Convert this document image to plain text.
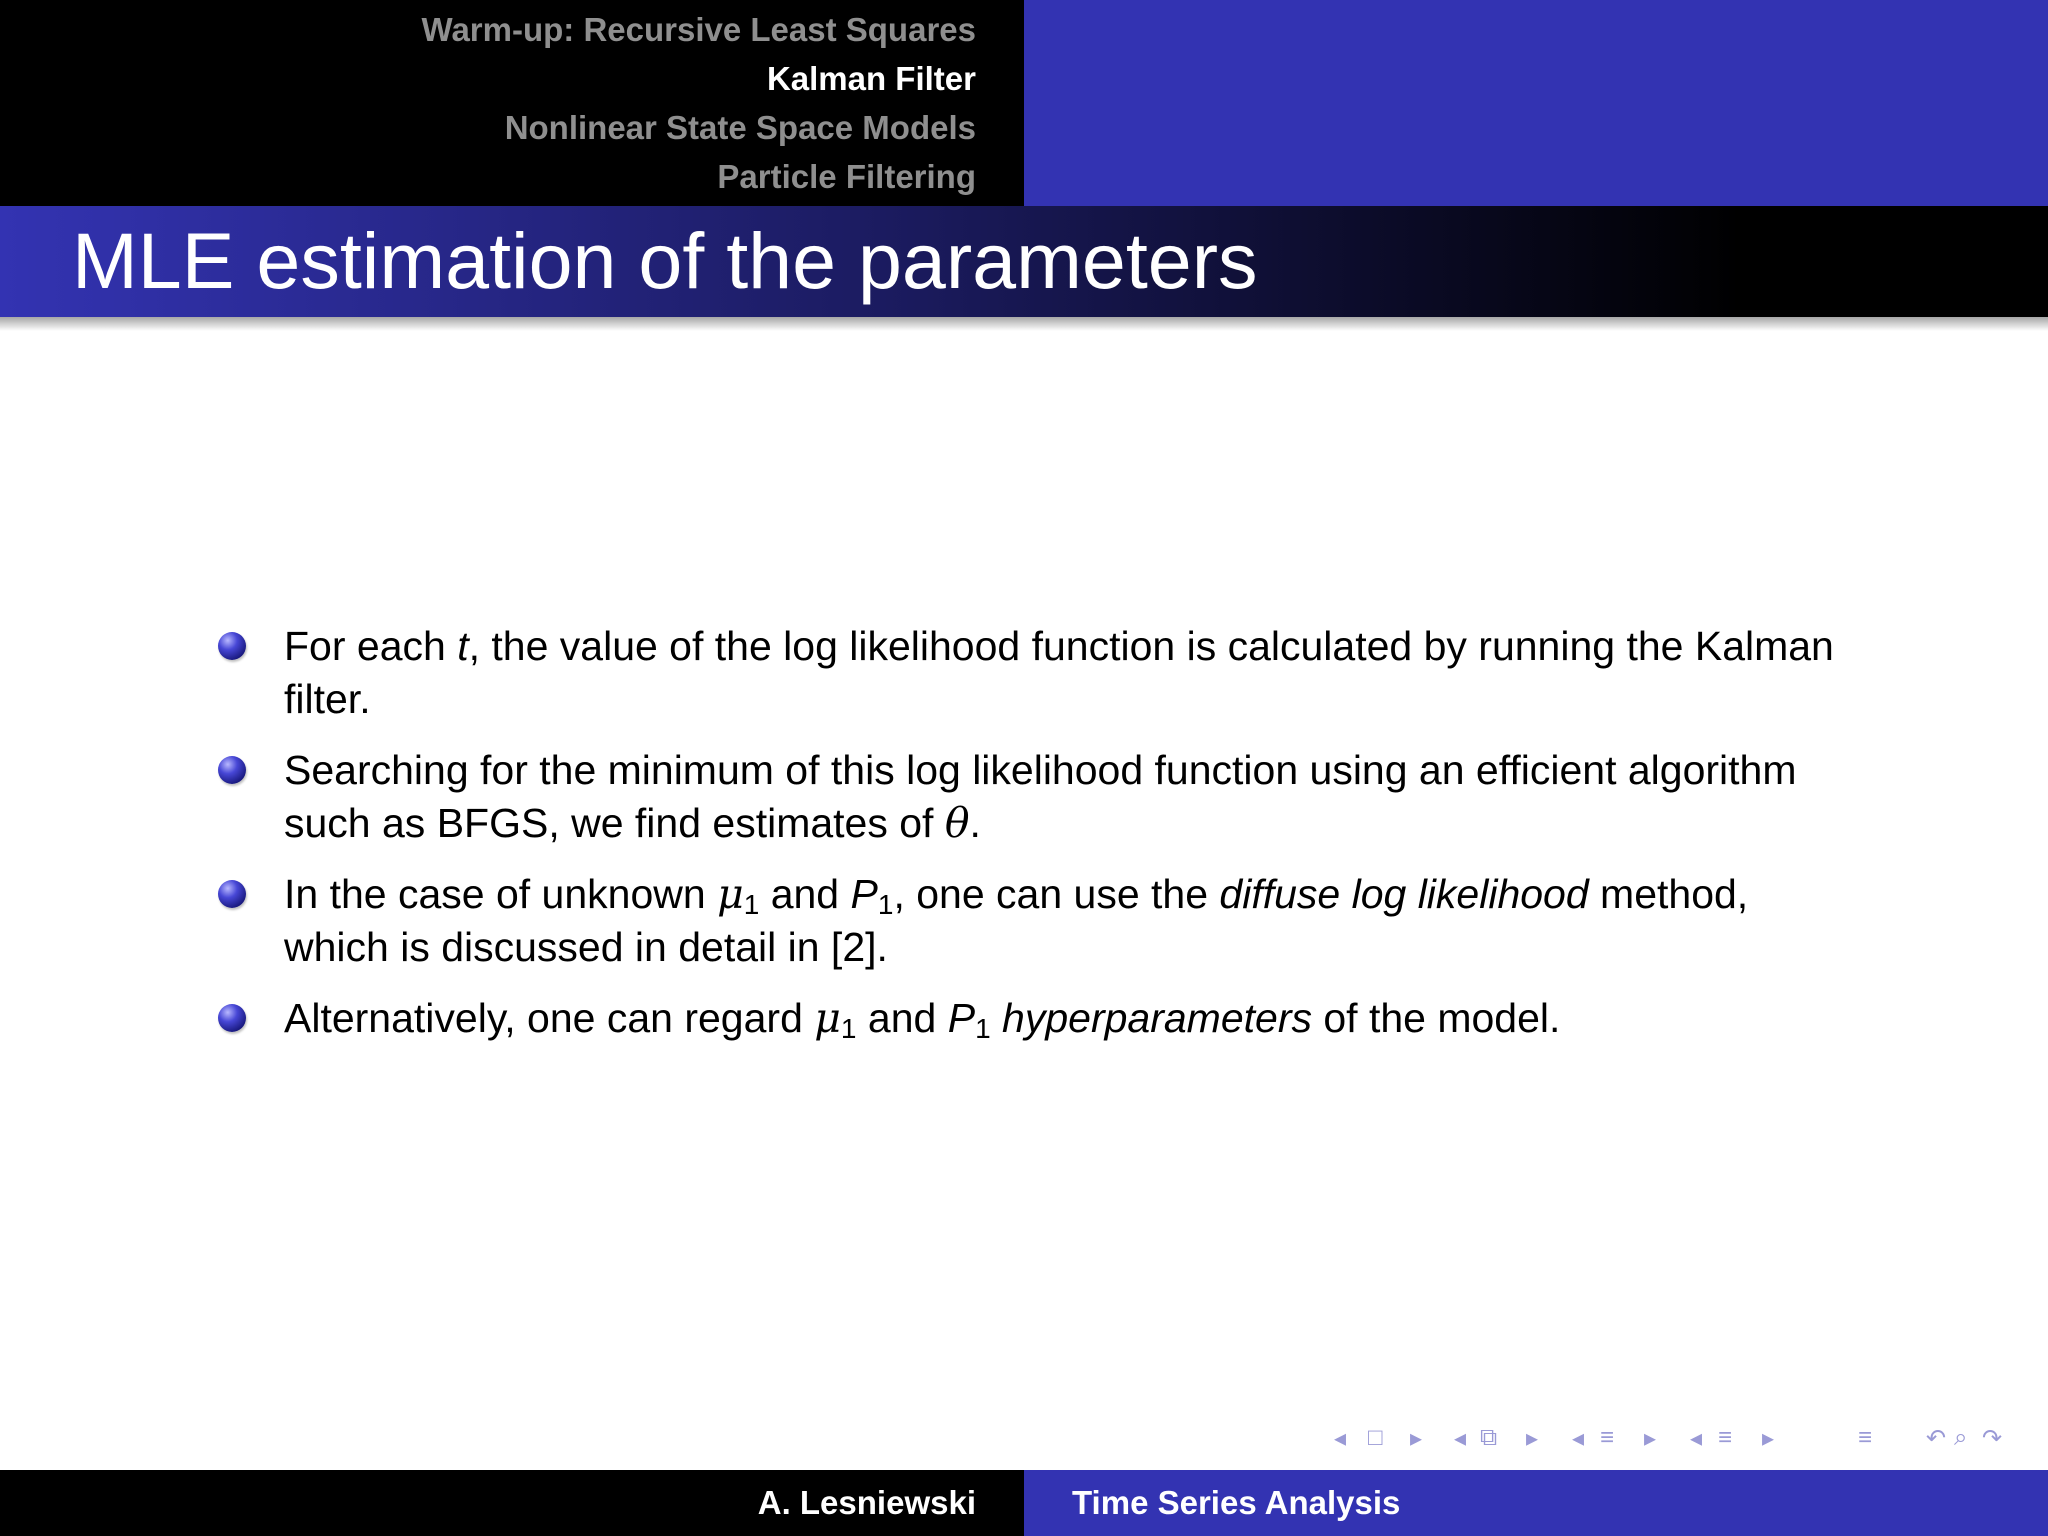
Warm-up: Recursive Least Squares
Kalman Filter
Nonlinear State Space Models
Particle Filtering
MLE estimation of the parameters
For each t, the value of the log likelihood function is calculated by running the Kalman filter.
Searching for the minimum of this log likelihood function using an efficient algorithm such as BFGS, we find estimates of θ.
In the case of unknown $\mu_1$ and $P_1$, one can use the diffuse log likelihood method, which is discussed in detail in [2].
Alternatively, one can regard $\mu_1$ and $P_1$ hyperparameters of the model.
◂ □ ▸ ◂ ⧉ ▸ ◂ ≡ ▸ ◂ ≡ ▸	≡ ↶ ⌕ ↷
A. Lesniewski	Time Series Analysis
